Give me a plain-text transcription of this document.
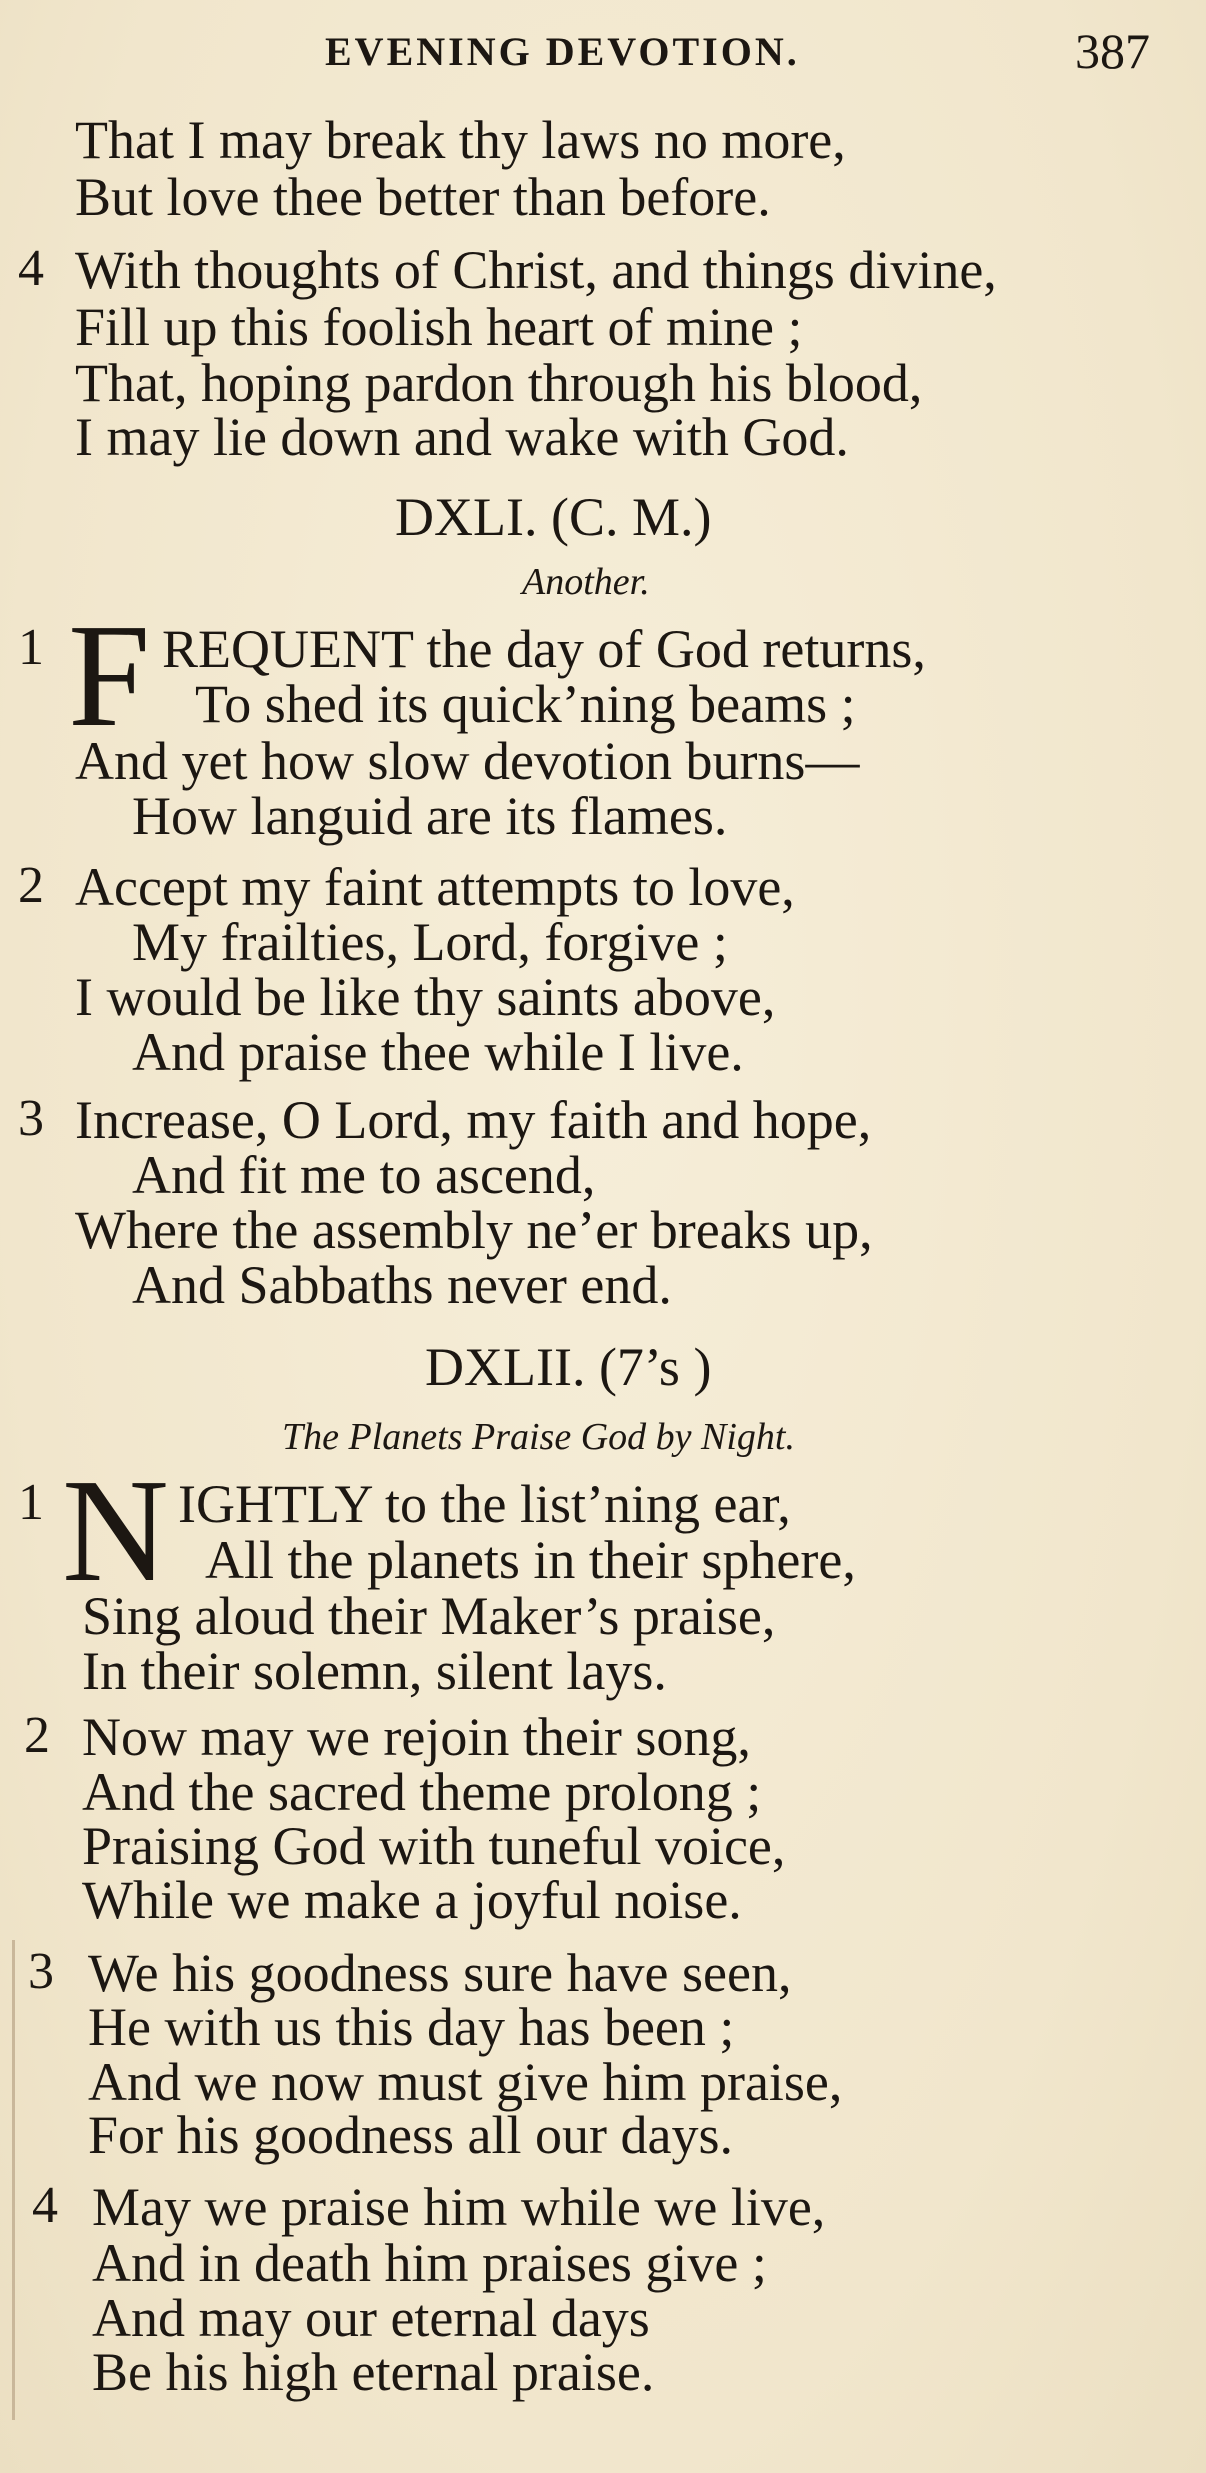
EVENING DEVOTION.	387
That I may break thy laws no more,
But love thee better than before.
4 With thoughts of Christ, and things divine,
Fill up this foolish heart of mine ;
That, hoping pardon through his blood,
I may lie down and wake with God.
DXLI. (C. M.)
Another.
1 F REQUENT the day of God returns,
To shed its quick’ning beams ;
And yet how slow devotion burns—
How languid are its flames.
2 Accept my faint attempts to love,
My frailties, Lord, forgive ;
I would be like thy saints above,
And praise thee while I live.
3 Increase, O Lord, my faith and hope,
And fit me to ascend,
Where the assembly ne’er breaks up,
And Sabbaths never end.
DXLII. (7’s )
The Planets Praise God by Night.
1 N IGHTLY to the list’ning ear,
All the planets in their sphere,
Sing aloud their Maker’s praise,
In their solemn, silent lays.
2 Now may we rejoin their song,
And the sacred theme prolong ;
Praising God with tuneful voice,
While we make a joyful noise.
3 We his goodness sure have seen,
He with us this day has been ;
And we now must give him praise,
For his goodness all our days.
4 May we praise him while we live,
And in death him praises give ;
And may our eternal days
Be his high eternal praise.
